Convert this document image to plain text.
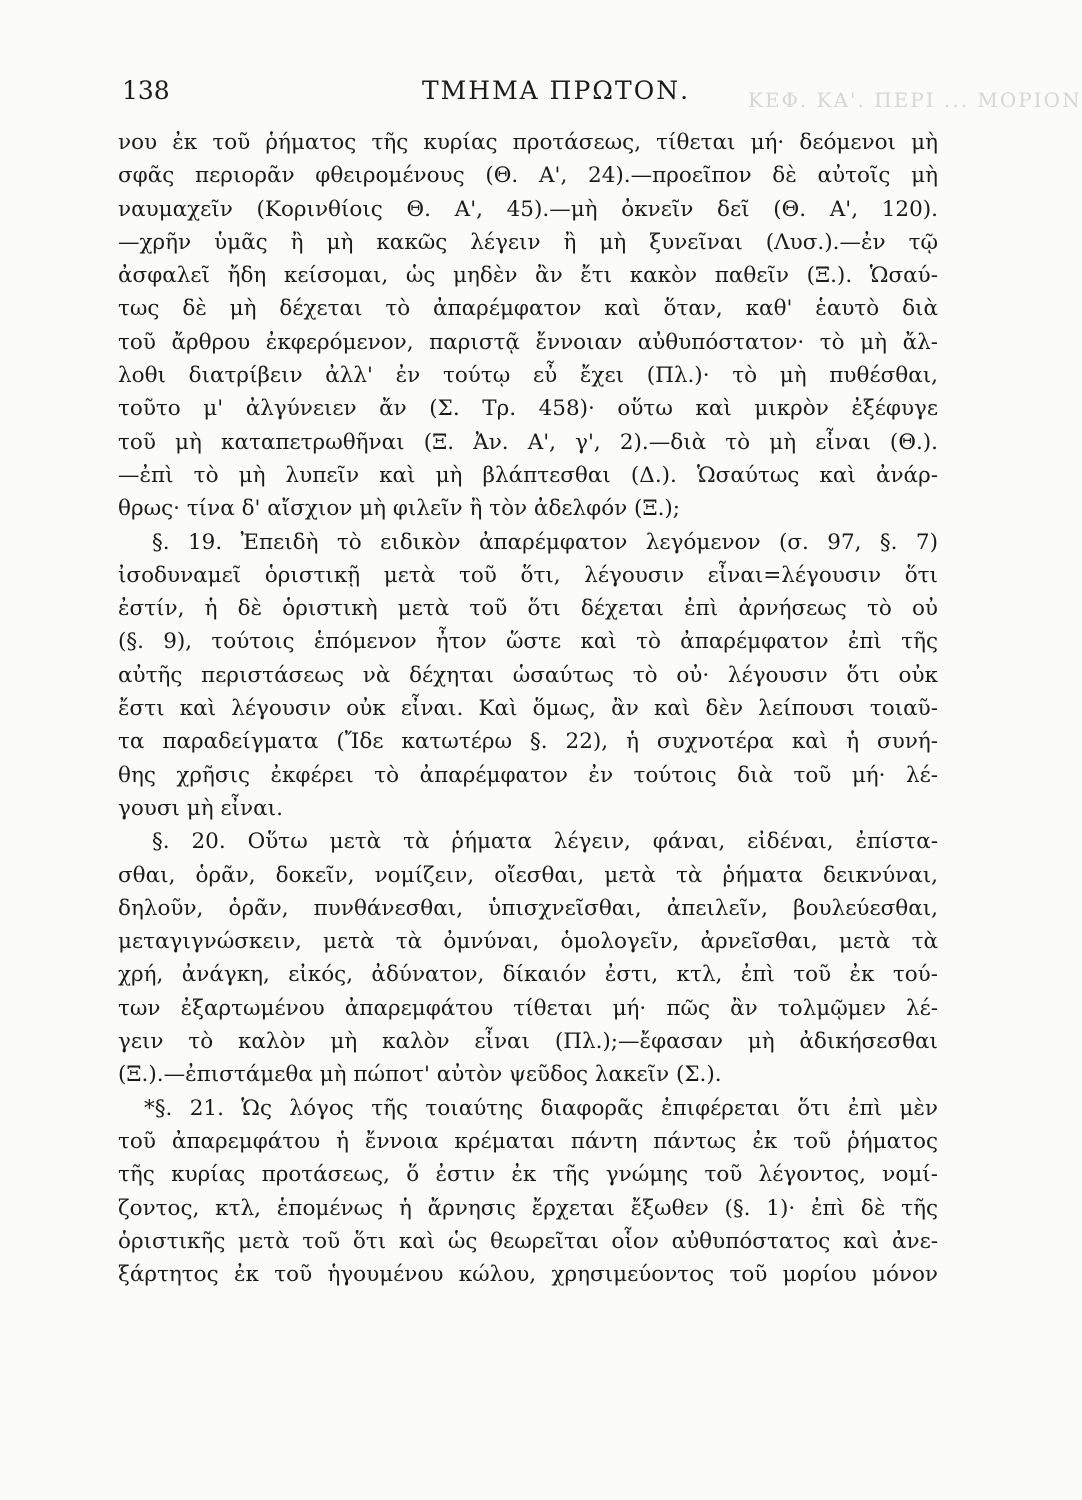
ΚΕΦ. ΚΑ'. ΠΕΡΙ ... ΜΟΡΙΟΝ
138	ΤΜΗΜΑ ΠΡΩΤΟΝ.
νου ἐκ τοῦ ῥήματος τῆς κυρίας προτάσεως, τίθεται μή· δεόμενοι μὴ
σφᾶς περιορᾶν φθειρομένους (Θ. Α', 24).—προεῖπον δὲ αὐτοῖς μὴ
ναυμαχεῖν (Κορινθίοις Θ. Α', 45).—μὴ ὀκνεῖν δεῖ (Θ. Α', 120).
—χρῆν ὑμᾶς ἢ μὴ κακῶς λέγειν ἢ μὴ ξυνεῖναι (Λυσ.).—ἐν τῷ
ἀσφαλεῖ ἤδη κείσομαι, ὡς μηδὲν ἂν ἔτι κακὸν παθεῖν (Ξ.). Ὡσαύ-
τως δὲ μὴ δέχεται τὸ ἀπαρέμφατον καὶ ὅταν, καθ' ἑαυτὸ διὰ
τοῦ ἄρθρου ἐκφερόμενον, παριστᾷ ἔννοιαν αὐθυπόστατον· τὸ μὴ ἄλ-
λοθι διατρίβειν ἀλλ' ἐν τούτῳ εὖ ἔχει (Πλ.)· τὸ μὴ πυθέσθαι,
τοῦτο μ' ἀλγύνειεν ἄν (Σ. Τρ. 458)· οὕτω καὶ μικρὸν ἐξέφυγε
τοῦ μὴ καταπετρωθῆναι (Ξ. Ἀν. Α', γ', 2).—διὰ τὸ μὴ εἶναι (Θ.).
—ἐπὶ τὸ μὴ λυπεῖν καὶ μὴ βλάπτεσθαι (Δ.). Ὡσαύτως καὶ ἀνάρ-
θρως· τίνα δ' αἴσχιον μὴ φιλεῖν ἢ τὸν ἀδελφόν (Ξ.);
§. 19. Ἐπειδὴ τὸ ειδικὸν ἀπαρέμφατον λεγόμενον (σ. 97, §. 7)
ἰσοδυναμεῖ ὁριστικῇ μετὰ τοῦ ὅτι, λέγουσιν εἶναι=λέγουσιν ὅτι
ἐστίν, ἡ δὲ ὁριστικὴ μετὰ τοῦ ὅτι δέχεται ἐπὶ ἀρνήσεως τὸ οὐ
(§. 9), τούτοις ἑπόμενον ἦτον ὥστε καὶ τὸ ἀπαρέμφατον ἐπὶ τῆς
αὐτῆς περιστάσεως νὰ δέχηται ὡσαύτως τὸ οὐ· λέγουσιν ὅτι οὐκ
ἔστι καὶ λέγουσιν οὐκ εἶναι. Καὶ ὅμως, ἂν καὶ δὲν λείπουσι τοιαῦ-
τα παραδείγματα (Ἴδε κατωτέρω §. 22), ἡ συχνοτέρα καὶ ἡ συνή-
θης χρῆσις ἐκφέρει τὸ ἀπαρέμφατον ἐν τούτοις διὰ τοῦ μή· λέ-
γουσι μὴ εἶναι.
§. 20. Οὕτω μετὰ τὰ ῥήματα λέγειν, φάναι, εἰδέναι, ἐπίστα-
σθαι, ὁρᾶν, δοκεῖν, νομίζειν, οἴεσθαι, μετὰ τὰ ῥήματα δεικνύναι,
δηλοῦν, ὁρᾶν, πυνθάνεσθαι, ὑπισχνεῖσθαι, ἀπειλεῖν, βουλεύεσθαι,
μεταγιγνώσκειν, μετὰ τὰ ὀμνύναι, ὁμολογεῖν, ἀρνεῖσθαι, μετὰ τὰ
χρή, ἀνάγκη, εἰκός, ἀδύνατον, δίκαιόν ἐστι, κτλ, ἐπὶ τοῦ ἐκ τού-
των ἐξαρτωμένου ἀπαρεμφάτου τίθεται μή· πῶς ἂν τολμῷμεν λέ-
γειν τὸ καλὸν μὴ καλὸν εἶναι (Πλ.);—ἔφασαν μὴ ἀδικήσεσθαι
(Ξ.).—ἐπιστάμεθα μὴ πώποτ' αὐτὸν ψεῦδος λακεῖν (Σ.).
*§. 21. Ὡς λόγος τῆς τοιαύτης διαφορᾶς ἐπιφέρεται ὅτι ἐπὶ μὲν
τοῦ ἀπαρεμφάτου ἡ ἔννοια κρέμαται πάντη πάντως ἐκ τοῦ ῥήματος
τῆς κυρίας προτάσεως, ὅ ἐστιν ἐκ τῆς γνώμης τοῦ λέγοντος, νομί-
ζοντος, κτλ, ἑπομένως ἡ ἄρνησις ἔρχεται ἔξωθεν (§. 1)· ἐπὶ δὲ τῆς
ὁριστικῆς μετὰ τοῦ ὅτι καὶ ὡς θεωρεῖται οἷον αὐθυπόστατος καὶ ἀνε-
ξάρτητος ἐκ τοῦ ἡγουμένου κώλου, χρησιμεύοντος τοῦ μορίου μόνον
